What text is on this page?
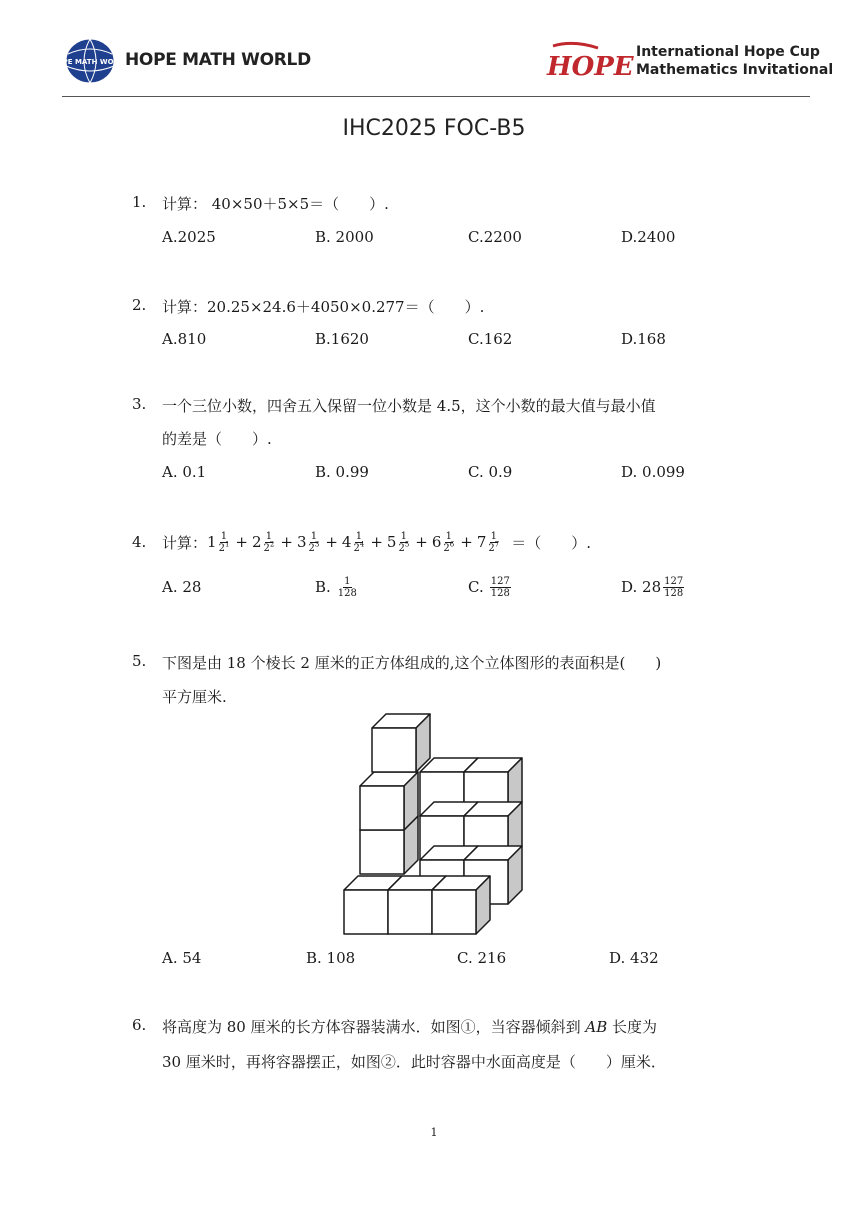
HOPE MATH WORLD
HOPE MATH WORLD	HOPE International Hope Cup
Mathematics Invitational
IHC2025 FOC-B5
1. 计算： 40×50＋5×5＝（　　）.
A.2025	B. 2000	C.2200	D.2400
2. 计算：20.25×24.6＋4050×0.277＝（　　）.
A.810	B.1620	C.162	D.168
3. 一个三位小数，四舍五入保留一位小数是 4.5，这个小数的最大值与最小值
的差是（　　）.
A. 0.1	B. 0.99	C. 0.9	D. 0.099
4. 计算： $1 \frac{1}{2^1} + 2 \frac{1}{2^2} + 3 \frac{1}{2^3} + 4 \frac{1}{2^4} + 5 \frac{1}{2^5} + 6 \frac{1}{2^6} + 7 \frac{1}{2^7}$ ＝（　　）.
A. 28	B. $\frac{1}{128}$	C. $\frac{127}{128}$	D. $28 \frac{127}{128}$
5. 下图是由 18 个棱长 2 厘米的正方体组成的,这个立体图形的表面积是(　　)
平方厘米.
A. 54	B. 108	C. 216	D. 432
6. 将高度为 80 厘米的长方体容器装满水．如图①，当容器倾斜到 AB 长度为
30 厘米时，再将容器摆正，如图②．此时容器中水面高度是（　　）厘米．
1
